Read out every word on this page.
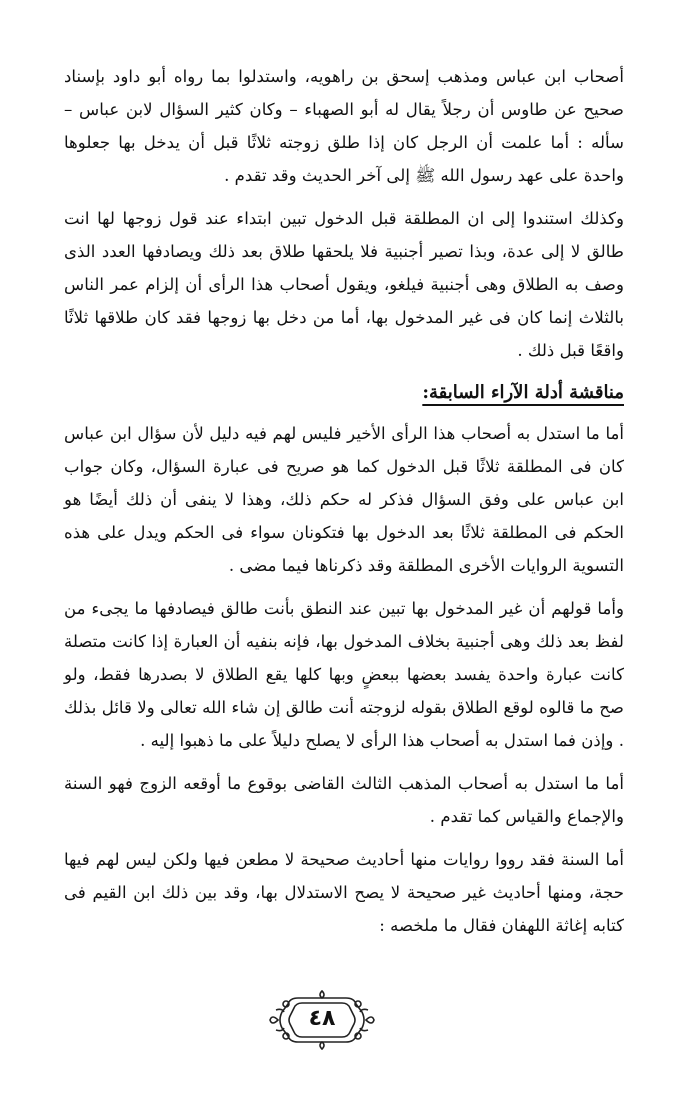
أصحاب ابن عباس ومذهب إسحق بن راهويه، واستدلوا بما رواه أبو داود بإسناد صحيح عن طاوس أن رجلاً يقال له أبو الصهباء – وكان كثير السؤال لابن عباس – سأله : أما علمت أن الرجل كان إذا طلق زوجته ثلاثًا قبل أن يدخل بها جعلوها واحدة على عهد رسول الله ﷺ إلى آخر الحديث وقد تقدم .

وكذلك استندوا إلى ان المطلقة قبل الدخول تبين ابتداء عند قول زوجها لها انت طالق لا إلى عدة، وبذا تصير أجنبية فلا يلحقها طلاق بعد ذلك ويصادفها العدد الذى وصف به الطلاق وهى أجنبية فيلغو، ويقول أصحاب هذا الرأى أن إلزام عمر الناس بالثلاث إنما كان فى غير المدخول بها، أما من دخل بها زوجها فقد كان طلاقها ثلاثًا واقعًا قبل ذلك .

مناقشة أدلة الآراء السابقة:

أما ما استدل به أصحاب هذا الرأى الأخير فليس لهم فيه دليل لأن سؤال ابن عباس كان فى المطلقة ثلاثًا قبل الدخول كما هو صريح فى عبارة السؤال، وكان جواب ابن عباس على وفق السؤال فذكر له حكم ذلك، وهذا لا ينفى أن ذلك أيضًا هو الحكم فى المطلقة ثلاثًا بعد الدخول بها فتكونان سواء فى الحكم ويدل على هذه التسوية الروايات الأخرى المطلقة وقد ذكرناها فيما مضى .

وأما قولهم أن غير المدخول بها تبين عند النطق بأنت طالق فيصادفها ما يجىء من لفظ بعد ذلك وهى أجنبية بخلاف المدخول بها، فإنه بنفيه أن العبارة إذا كانت متصلة كانت عبارة واحدة يفسد بعضها ببعضٍ وبها كلها يقع الطلاق لا بصدرها فقط، ولو صح ما قالوه لوقع الطلاق بقوله لزوجته أنت طالق إن شاء الله تعالى ولا قائل بذلك . وإذن فما استدل به أصحاب هذا الرأى لا يصلح دليلاً على ما ذهبوا إليه .

أما ما استدل به أصحاب المذهب الثالث القاضى بوقوع ما أوقعه الزوج فهو السنة والإجماع والقياس كما تقدم .

أما السنة فقد رووا روايات منها أحاديث صحيحة لا مطعن فيها ولكن ليس لهم فيها حجة، ومنها أحاديث غير صحيحة لا يصح الاستدلال بها، وقد بين ذلك ابن القيم فى كتابه إغاثة اللهفان فقال ما ملخصه :

٤٨
